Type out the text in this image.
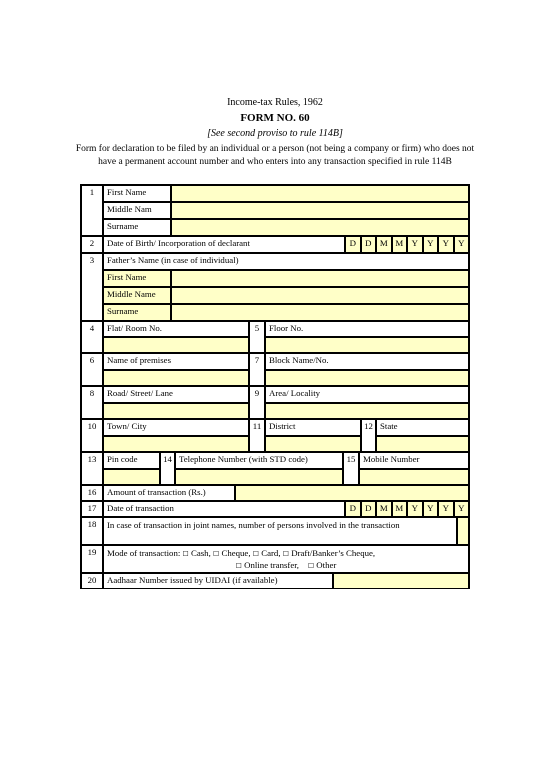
Income-tax Rules, 1962
FORM NO. 60
[See second proviso to rule 114B]
Form for declaration to be filed by an individual or a person (not being a company or firm) who does not have a permanent account number and who enters into any transaction specified in rule 114B
1	First Name
Middle Nam
Surname
2	Date of Birth/ Incorporation of declarant	D	D M M Y	Y	Y	Y
3	Father’s Name (in case of individual)
First Name
Middle Name
Surname
4	Flat/ Room No.	5	Floor No.
6	Name of premises	7	Block Name/No.
8	Road/ Street/ Lane	9	Area/ Locality
10	Town/ City	11 District	12 State
13	Pin code	14 Telephone Number (with STD code)	15 Mobile Number
16	Amount of transaction (Rs.)
17	Date of transaction	D	D M M Y	Y	Y	Y
18	In case of transaction in joint names, number of persons involved in the transaction
19	Mode of transaction: ☐ Cash, ☐ Cheque, ☐ Card, ☐ Draft/Banker’s Cheque,
☐ Online transfer, ☐ Other
20	Aadhaar Number issued by UIDAI (if available)
